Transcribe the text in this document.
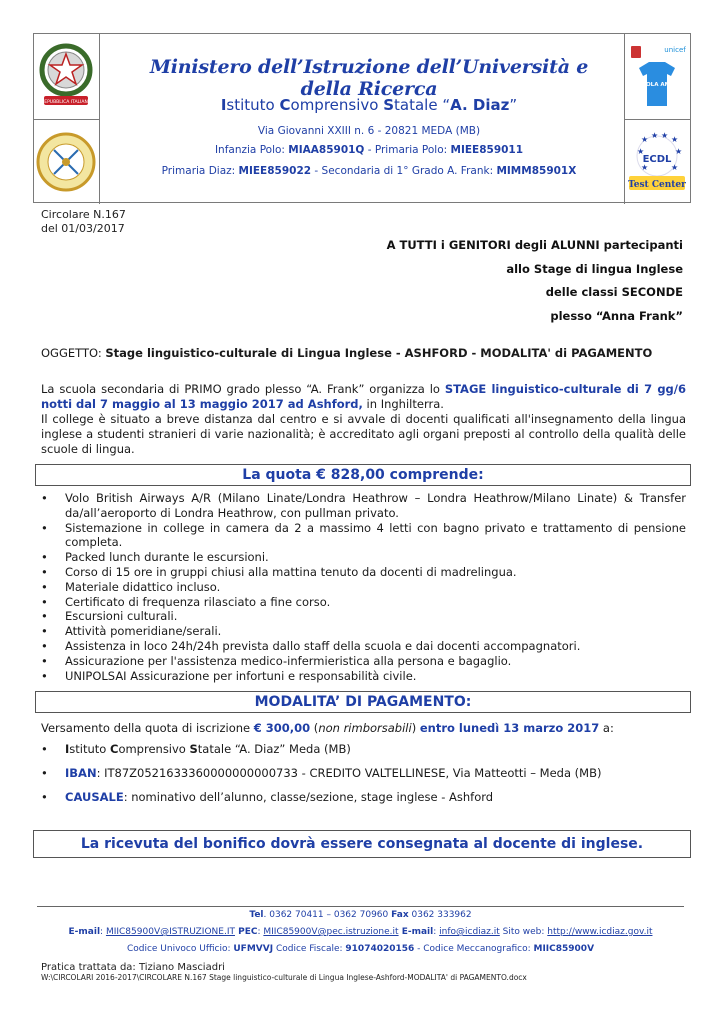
REPUBBLICA ITALIANA
unicef
SCUOLA AMICA
★ ★ ★ ★
★	★
★	★
ECDL
Test Center
Ministero dell’Istruzione dell’Università e della Ricerca
Istituto Comprensivo Statale “A. Diaz”
Via Giovanni XXIII n. 6 - 20821 MEDA (MB)
Infanzia Polo: MIAA85901Q - Primaria Polo: MIEE859011
Primaria Diaz: MIEE859022 - Secondaria di 1° Grado A. Frank: MIMM85901X
Circolare N.167
del 01/03/2017
A TUTTI i GENITORI degli ALUNNI partecipanti
allo Stage di lingua Inglese
delle classi SECONDE
plesso “Anna Frank”
OGGETTO: Stage linguistico-culturale di Lingua Inglese - ASHFORD - MODALITA' di PAGAMENTO

La scuola secondaria di PRIMO grado plesso “A. Frank” organizza lo STAGE linguistico-culturale di 7 gg/6 notti dal 7 maggio al 13 maggio 2017 ad Ashford, in Inghilterra.

Il college è situato a breve distanza dal centro e si avvale di docenti qualificati all'insegnamento della lingua inglese a studenti stranieri di varie nazionalità; è accreditato agli organi preposti al controllo della qualità delle scuole di lingua.

La quota € 828,00 comprende:
• Volo British Airways A/R (Milano Linate/Londra Heathrow – Londra Heathrow/Milano Linate) & Transfer da/all’aeroporto di Londra Heathrow, con pullman privato.
• Sistemazione in college in camera da 2 a massimo 4 letti con bagno privato e trattamento di pensione completa.
• Packed lunch durante le escursioni.
• Corso di 15 ore in gruppi chiusi alla mattina tenuto da docenti di madrelingua.
• Materiale didattico incluso.
• Certificato di frequenza rilasciato a fine corso.
• Escursioni culturali.
• Attività pomeridiane/serali.
• Assistenza in loco 24h/24h prevista dallo staff della scuola e dai docenti accompagnatori.
• Assicurazione per l'assistenza medico-infermieristica alla persona e bagaglio.
• UNIPOLSAI Assicurazione per infortuni e responsabilità civile.
MODALITA’ DI PAGAMENTO:
Versamento della quota di iscrizione € 300,00 (non rimborsabili) entro lunedì 13 marzo 2017 a:
• Istituto Comprensivo Statale “A. Diaz” Meda (MB)
• IBAN: IT87Z0521633360000000000733 - CREDITO VALTELLINESE, Via Matteotti – Meda (MB)
• CAUSALE: nominativo dell’alunno, classe/sezione, stage inglese - Ashford
La ricevuta del bonifico dovrà essere consegnata al docente di inglese.
Tel. 0362 70411 – 0362 70960 Fax 0362 333962
E-mail: MIIC85900V@ISTRUZIONE.IT PEC: MIIC85900V@pec.istruzione.it E-mail: info@icdiaz.it Sito web: http://www.icdiaz.gov.it
Codice Univoco Ufficio: UFMVVJ Codice Fiscale: 91074020156 - Codice Meccanografico: MIIC85900V
Pratica trattata da: Tiziano Masciadri
W:\CIRCOLARI 2016-2017\CIRCOLARE N.167 Stage linguistico-culturale di Lingua Inglese-Ashford-MODALITA' di PAGAMENTO.docx
